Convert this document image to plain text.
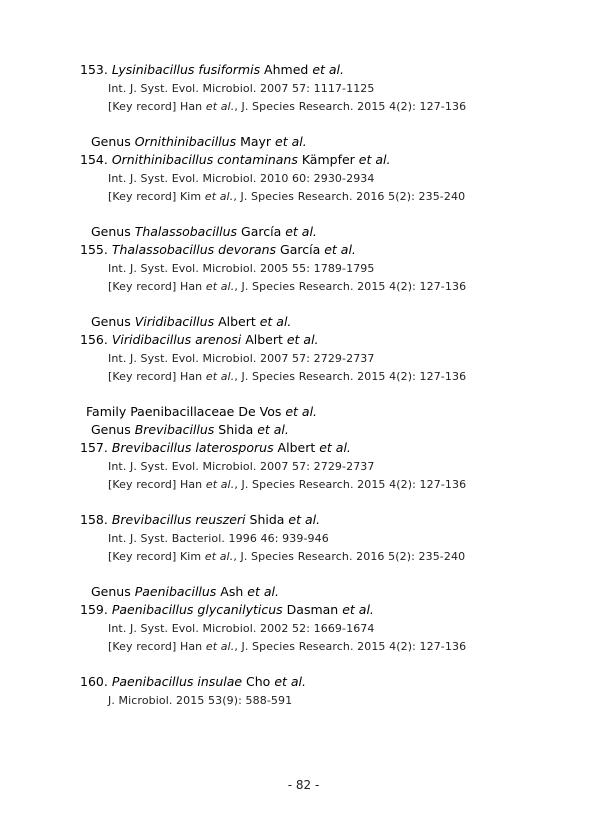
153. Lysinibacillus fusiformis Ahmed et al.
Int. J. Syst. Evol. Microbiol. 2007 57: 1117-1125
[Key record] Han et al., J. Species Research. 2015 4(2): 127-136
Genus Ornithinibacillus Mayr et al.
154. Ornithinibacillus contaminans Kämpfer et al.
Int. J. Syst. Evol. Microbiol. 2010 60: 2930-2934
[Key record] Kim et al., J. Species Research. 2016 5(2): 235-240
Genus Thalassobacillus García et al.
155. Thalassobacillus devorans García et al.
Int. J. Syst. Evol. Microbiol. 2005 55: 1789-1795
[Key record] Han et al., J. Species Research. 2015 4(2): 127-136
Genus Viridibacillus Albert et al.
156. Viridibacillus arenosi Albert et al.
Int. J. Syst. Evol. Microbiol. 2007 57: 2729-2737
[Key record] Han et al., J. Species Research. 2015 4(2): 127-136
Family Paenibacillaceae De Vos et al.
Genus Brevibacillus Shida et al.
157. Brevibacillus laterosporus Albert et al.
Int. J. Syst. Evol. Microbiol. 2007 57: 2729-2737
[Key record] Han et al., J. Species Research. 2015 4(2): 127-136
158. Brevibacillus reuszeri Shida et al.
Int. J. Syst. Bacteriol. 1996 46: 939-946
[Key record] Kim et al., J. Species Research. 2016 5(2): 235-240
Genus Paenibacillus Ash et al.
159. Paenibacillus glycanilyticus Dasman et al.
Int. J. Syst. Evol. Microbiol. 2002 52: 1669-1674
[Key record] Han et al., J. Species Research. 2015 4(2): 127-136
160. Paenibacillus insulae Cho et al.
J. Microbiol. 2015 53(9): 588-591
- 82 -
